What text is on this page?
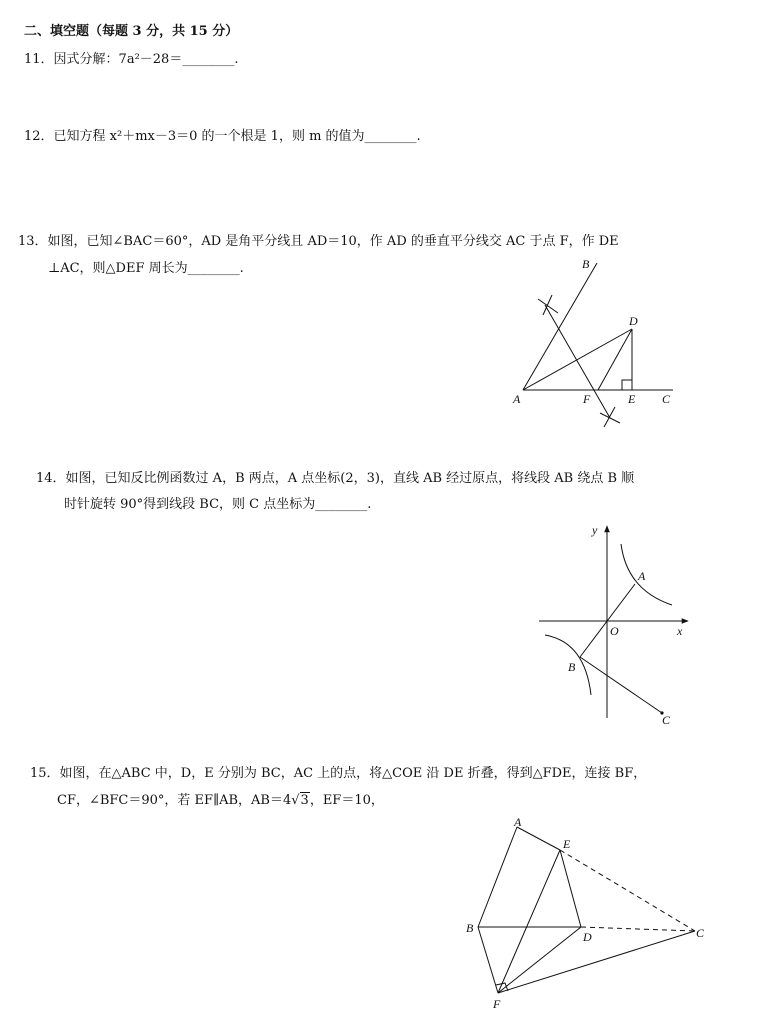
二、填空题（每题 3 分，共 15 分）
11．因式分解：7a²－28＝________.
12．已知方程 x²＋mx－3＝0 的一个根是 1，则 m 的值为________.
13．如图，已知∠BAC＝60°，AD 是角平分线且 AD＝10，作 AD 的垂直平分线交 AC 于点 F，作 DE
⊥AC，则△DEF 周长为________.
A
B
C
D
E
F
14．如图，已知反比例函数过 A，B 两点，A 点坐标(2，3)，直线 AB 经过原点，将线段 AB 绕点 B 顺
时针旋转 90°得到线段 BC，则 C 点坐标为________.
y
x
O
A
B
C
15．如图，在△ABC 中，D，E 分别为 BC，AC 上的点，将△COE 沿 DE 折叠，得到△FDE，连接 BF，
CF，∠BFC＝90°，若 EF∥AB，AB＝4√3，EF＝10，
A
B	C
D
E
F
